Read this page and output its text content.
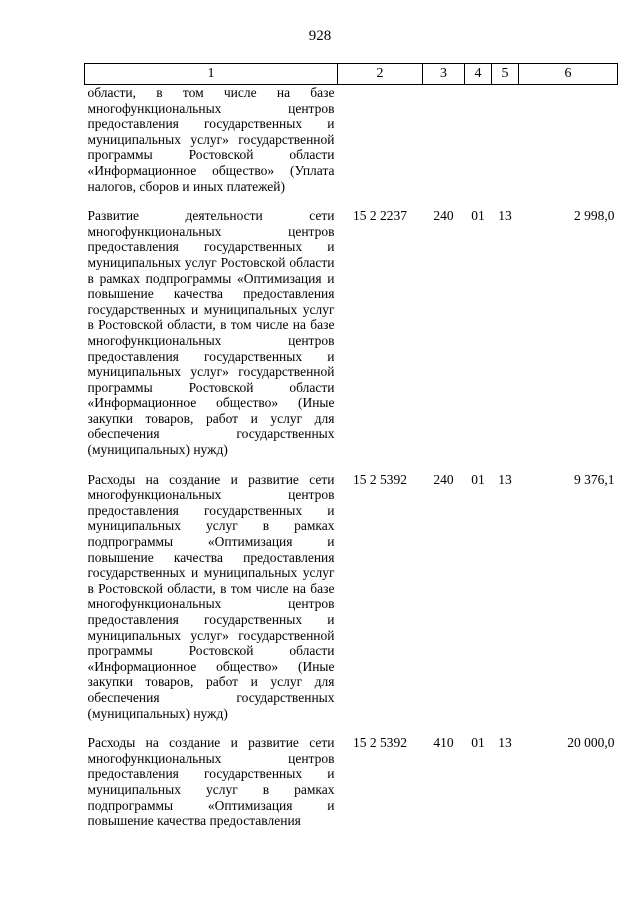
928
1	2	3	4	5	6
области, в том числе на базе многофункциональных центров предоставления государственных и муниципальных услуг» государственной программы Ростовской области «Информационное общество» (Уплата налогов, сборов и иных платежей)					

Развитие деятельности сети многофункциональных центров предоставления государственных и муниципальных услуг Ростовской области в рамках подпрограммы «Оптимизация и повышение качества предоставления государственных и муниципальных услуг в Ростовской области, в том числе на базе многофункциональных центров предоставления государственных и муниципальных услуг» государственной программы Ростовской области «Информационное общество» (Иные закупки товаров, работ и услуг для обеспечения государственных (муниципальных) нужд)	15 2 2237	240	01	13	2 998,0

Расходы на создание и развитие сети многофункциональных центров предоставления государственных и муниципальных услуг в рамках подпрограммы «Оптимизация и повышение качества предоставления государственных и муниципальных услуг в Ростовской области, в том числе на базе многофункциональных центров предоставления государственных и муниципальных услуг» государственной программы Ростовской области «Информационное общество» (Иные закупки товаров, работ и услуг для обеспечения государственных (муниципальных) нужд)	15 2 5392	240	01	13	9 376,1

Расходы на создание и развитие сети многофункциональных центров предоставления государственных и муниципальных услуг в рамках подпрограммы «Оптимизация и повышение качества предоставления	15 2 5392	410	01	13	20 000,0
